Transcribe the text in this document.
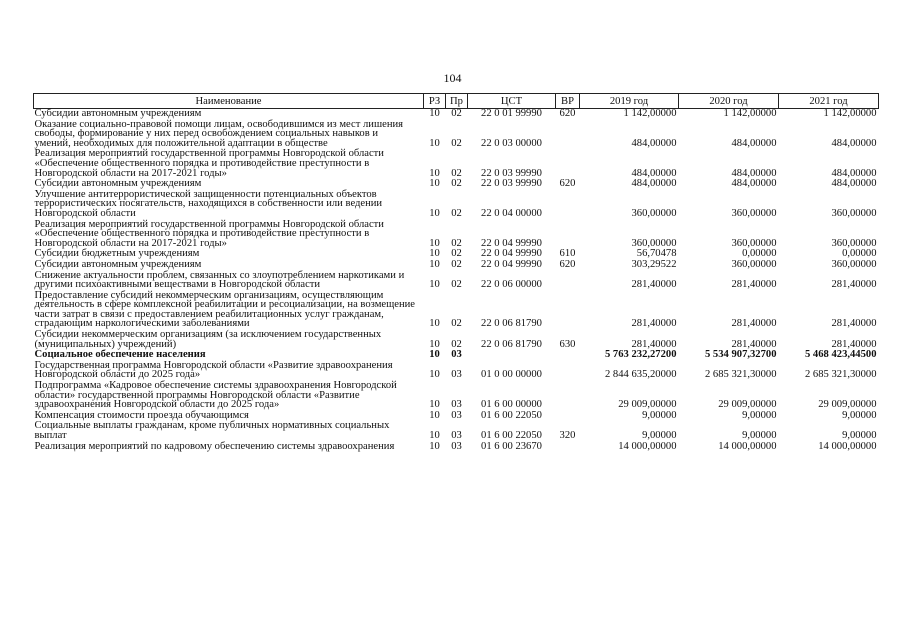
104
Наименование	РЗ	Пр	ЦСТ	ВР	2019 год	2020 год	2021 год
Субсидии автономным учреждениям	10	02	22 0 01 99990	620	1 142,00000	1 142,00000	1 142,00000
Оказание социально-правовой помощи лицам, освободившимся из мест лишения свободы, формирование у них перед освобождением социальных навыков и умений, необходимых для положительной адаптации в обществе	10	02	22 0 03 00000		484,00000	484,00000	484,00000
Реализация мероприятий государственной программы Новгородской области «Обеспечение общественного порядка и противодействие преступности в Новгородской области на 2017-2021 годы»	10	02	22 0 03 99990		484,00000	484,00000	484,00000
Субсидии автономным учреждениям	10	02	22 0 03 99990	620	484,00000	484,00000	484,00000
Улучшение антитеррористической защищенности потенциальных объектов террористических посягательств, находящихся в собственности или ведении Новгородской области	10	02	22 0 04 00000		360,00000	360,00000	360,00000
Реализация мероприятий государственной программы Новгородской области «Обеспечение общественного порядка и противодействие преступности в Новгородской области на 2017-2021 годы»	10	02	22 0 04 99990		360,00000	360,00000	360,00000
Субсидии бюджетным учреждениям	10	02	22 0 04 99990	610	56,70478	0,00000	0,00000
Субсидии автономным учреждениям	10	02	22 0 04 99990	620	303,29522	360,00000	360,00000
Снижение актуальности проблем, связанных со злоупотреблением наркотиками и другими психоактивными веществами в Новгородской области	10	02	22 0 06 00000		281,40000	281,40000	281,40000
Предоставление субсидий некоммерческим организациям, осуществляющим деятельность в сфере комплексной реабилитации и ресоциализации, на возмещение части затрат в связи с предоставлением реабилитационных услуг гражданам, страдающим наркологическими заболеваниями	10	02	22 0 06 81790		281,40000	281,40000	281,40000
Субсидии некоммерческим организациям (за исключением государственных (муниципальных) учреждений)	10	02	22 0 06 81790	630	281,40000	281,40000	281,40000
Социальное обеспечение населения	10	03			5 763 232,27200	5 534 907,32700	5 468 423,44500
Государственная программа Новгородской области «Развитие здравоохранения Новгородской области до 2025 года»	10	03	01 0 00 00000		2 844 635,20000	2 685 321,30000	2 685 321,30000
Подпрограмма «Кадровое обеспечение системы здравоохранения Новгородской области» государственной программы Новгородской области «Развитие здравоохранения Новгородской области до 2025 года»	10	03	01 6 00 00000		29 009,00000	29 009,00000	29 009,00000
Компенсация стоимости проезда обучающимся	10	03	01 6 00 22050		9,00000	9,00000	9,00000
Социальные выплаты гражданам, кроме публичных нормативных социальных выплат	10	03	01 6 00 22050	320	9,00000	9,00000	9,00000
Реализация мероприятий по кадровому обеспечению системы здравоохранения	10	03	01 6 00 23670		14 000,00000	14 000,00000	14 000,00000
